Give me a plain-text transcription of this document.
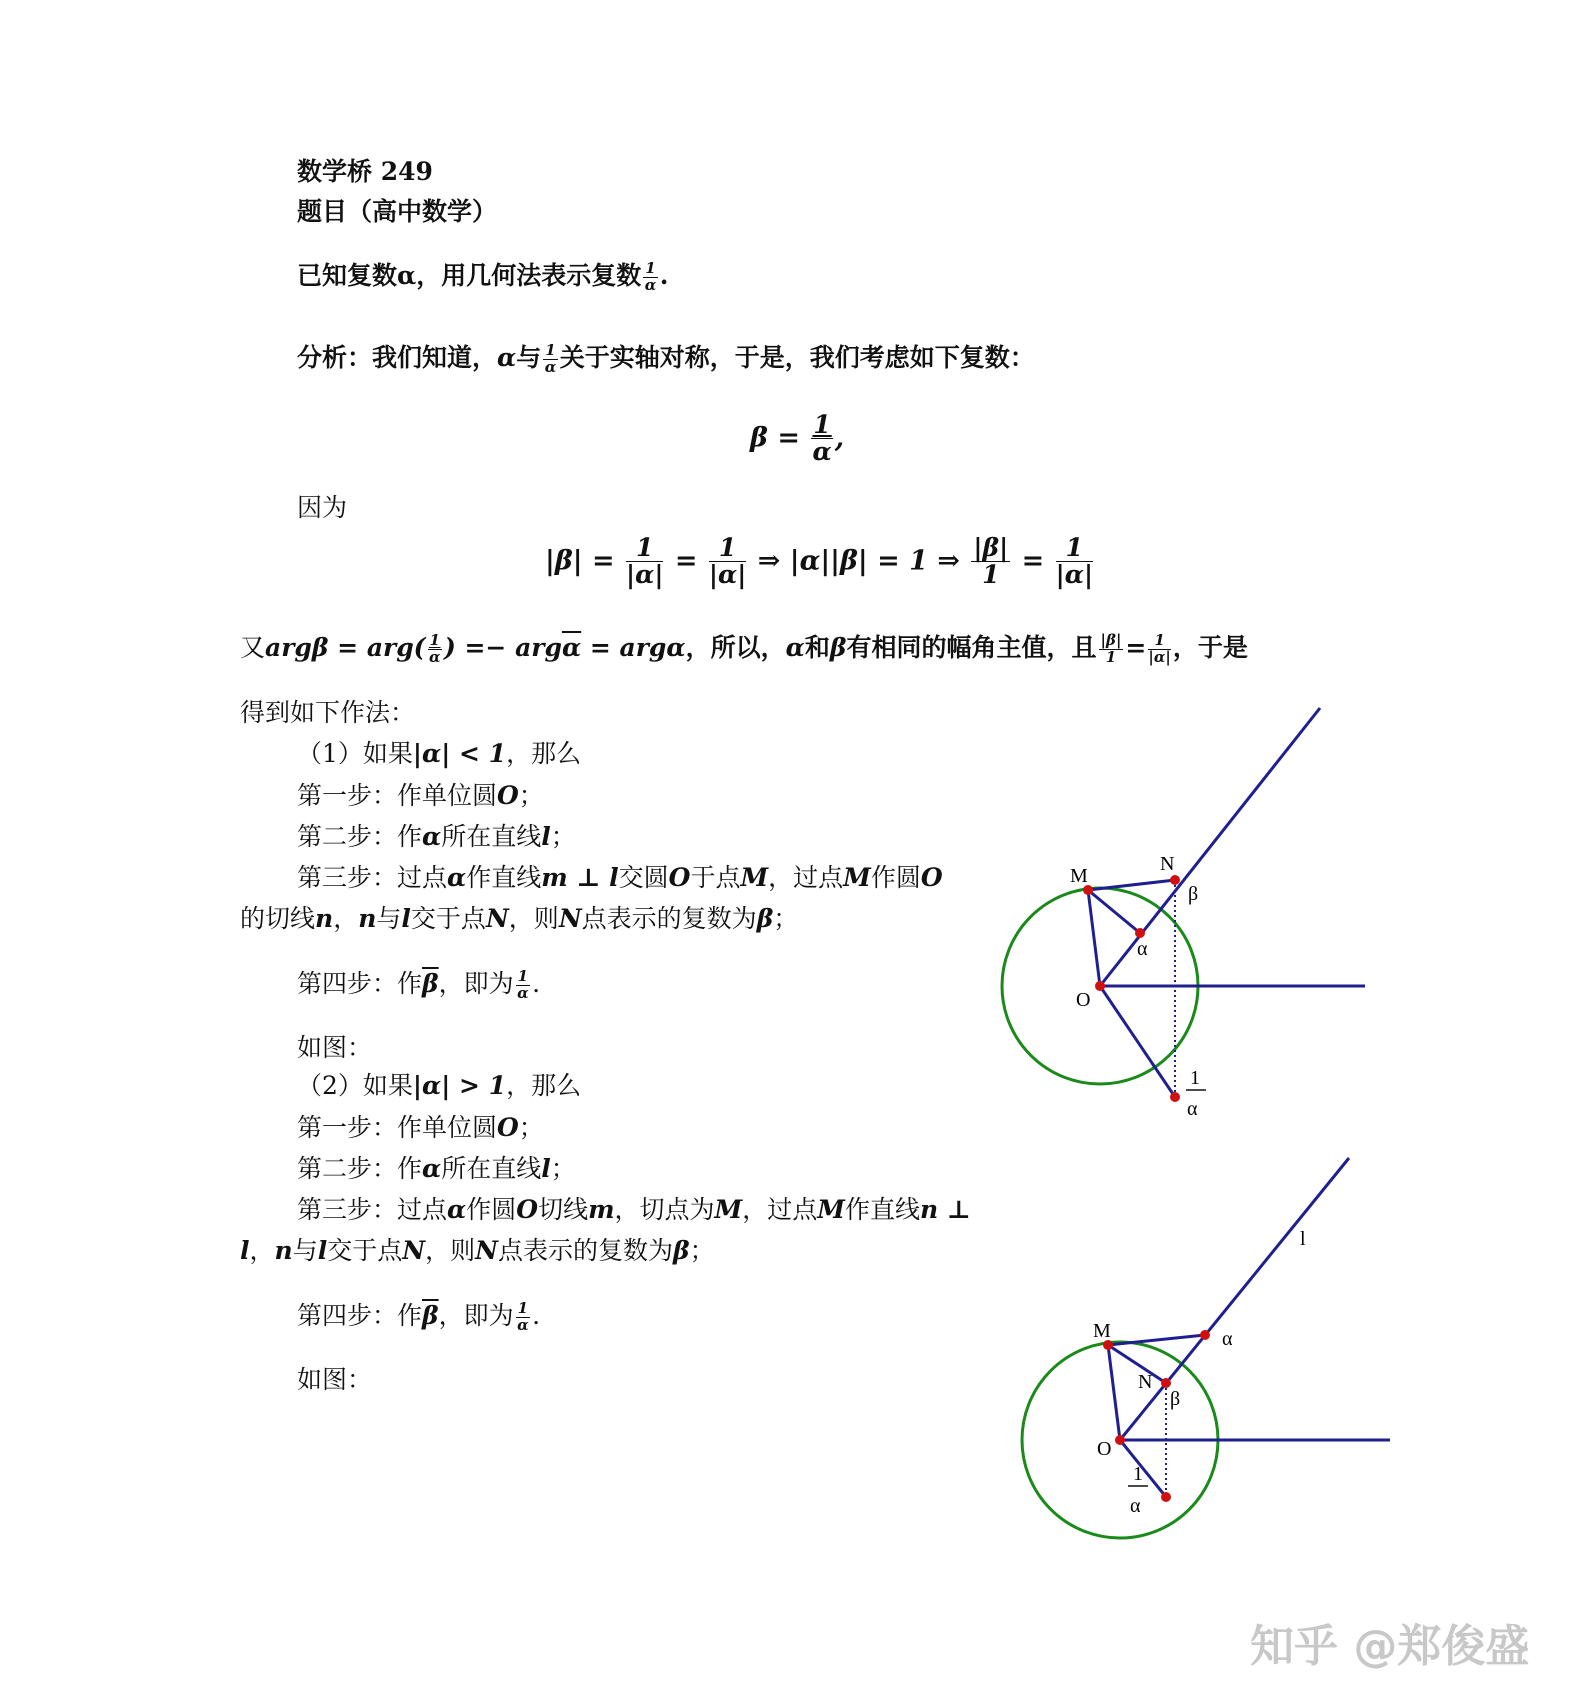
数学桥 249
题目（高中数学）
已知复数α，用几何法表示复数 $\frac{1}{\alpha}$ .
分析：我们知道，α与 $\frac{1}{\alpha}$ 关于实轴对称，于是，我们考虑如下复数：
$\beta = \frac{1}{\alpha}$ ,
因为
$|\beta| = \frac{1}{|\alpha|} = \frac{1}{|\alpha|}$ ⇒ |α||β| = 1 ⇒ $\frac{|\beta|}{1} = \frac{1}{|\alpha|}$
又$arg\beta = arg( \frac{1}{\alpha}$ ) =− $arg\overline{\alpha} = arg\alpha$，所以，α和β有相同的幅角主值，且 $\frac{|\beta|}{1} = \frac{1}{|\alpha|}$ ，于是
得到如下作法：
（1）如果|α| < 1，那么
第一步：作单位圆O；
第二步：作α所在直线l；
第三步：过点α作直线m ⊥ l交圆O于点M，过点M作圆O
的切线n，n与l交于点N，则N点表示的复数为β；
第四步：作$\overline{\beta}$，即为 $\frac{1}{\alpha}$ .
如图：
（2）如果|α| > 1，那么
第一步：作单位圆O；
第二步：作α所在直线l；
第三步：过点α作圆O切线m，切点为M，过点M作直线n ⊥
l，n与l交于点N，则N点表示的复数为β；
第四步：作$\overline{\beta}$，即为 $\frac{1}{\alpha}$ .
如图：
M
N
β
α
O
1
α
l
M	α
N
β
O
1
α
知乎 @郑俊盛
